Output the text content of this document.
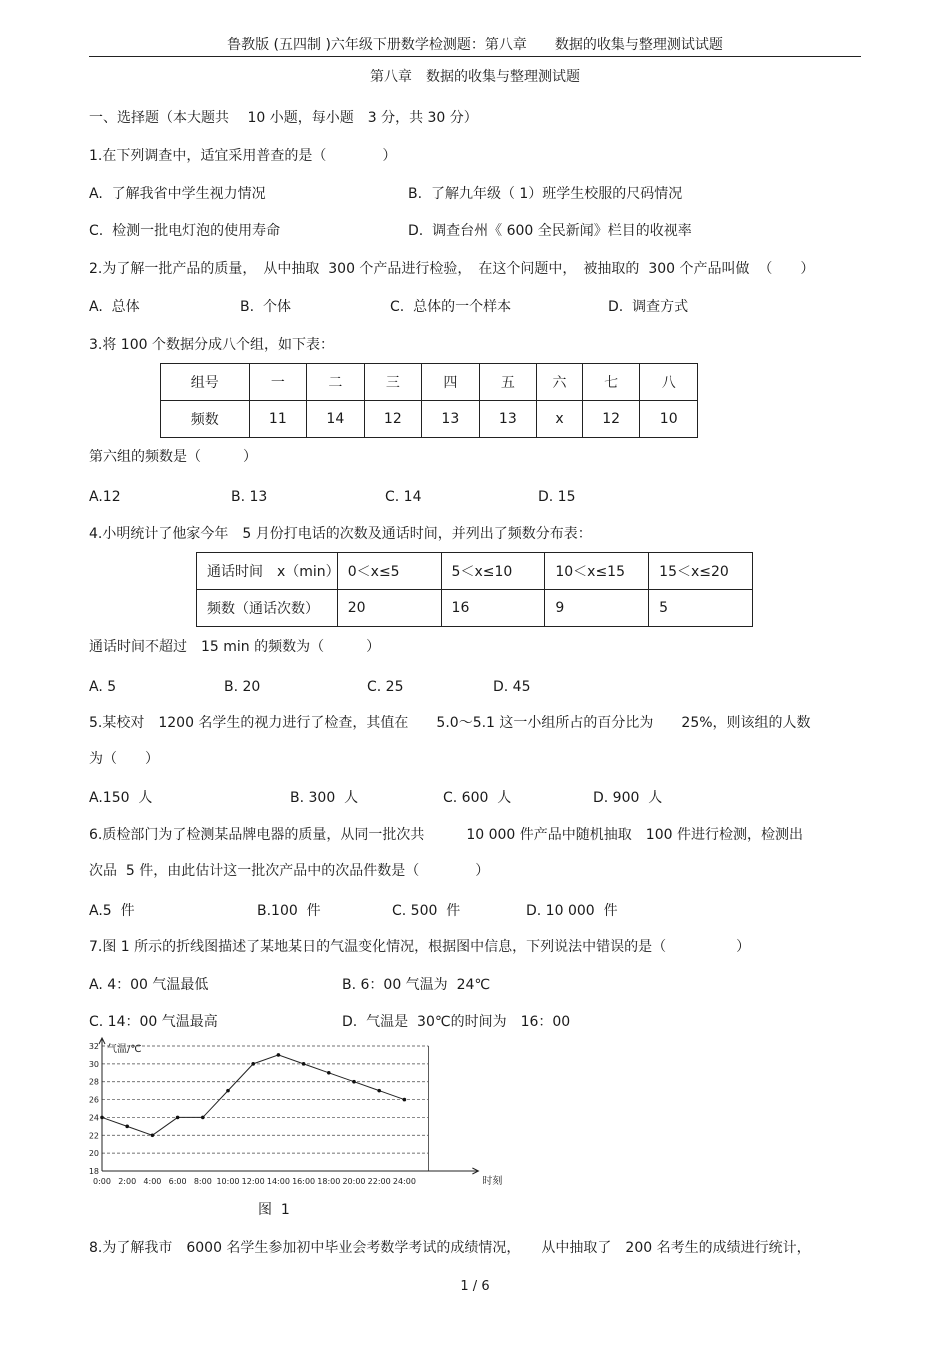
鲁教版 (五四制 )六年级下册数学检测题：第八章　　数据的收集与整理测试试题
第八章　数据的收集与整理测试题
一、选择题（本大题共　 10 小题，每小题　3 分，共 30 分）
1.在下列调查中，适宜采用普查的是（　　　　）
A.  了解我省中学生视力情况	B.  了解九年级（ 1）班学生校服的尺码情况
C.  检测一批电灯泡的使用寿命	D.  调查台州《 600 全民新闻》栏目的收视率
2.为了解一批产品的质量，　从中抽取  300 个产品进行检验，　在这个问题中，　被抽取的  300 个产品叫做  （　　）
A.  总体	B.  个体	C.  总体的一个样本	D.  调查方式
3.将 100 个数据分成八个组，如下表：
组号	一	二	三	四	五	六	七	八
频数	11	14	12	13	13	x	12	10
第六组的频数是（　　　）
A.12	B. 13	C. 14	D. 15
4.小明统计了他家今年　5 月份打电话的次数及通话时间，并列出了频数分布表：
通话时间　x（min）	0＜x≤5	5＜x≤10	10＜x≤15	15＜x≤20
频数（通话次数）	20	16	9	5
通话时间不超过　15 min 的频数为（　　　）
A. 5	B. 20	C. 25	D. 45
5.某校对　1200 名学生的视力进行了检查，其值在　　5.0～5.1 这一小组所占的百分比为　　25%，则该组的人数
为（　　）
A.150  人	B. 300  人	C. 600  人	D. 900  人
6.质检部门为了检测某品牌电器的质量，从同一批次共　　　10 000 件产品中随机抽取　100 件进行检测，检测出
次品  5 件，由此估计这一批次产品中的次品件数是（　　　　）
A.5  件	B.100  件	C. 500  件	D. 10 000  件
7.图 1 所示的折线图描述了某地某日的气温变化情况，根据图中信息，下列说法中错误的是（　　　　　）
A. 4：00 气温最低	B. 6：00 气温为  24℃
C. 14：00 气温最高	D.  气温是  30℃的时间为　16：00
气温/℃
时刻
18
20
22
24
26
28
30
32
0:00 2:00 4:00 6:00 8:00 10:00 12:00 14:00 16:00 18:00 20:00 22:00 24:00
图  1
8.为了解我市　6000 名学生参加初中毕业会考数学考试的成绩情况，　　从中抽取了　200 名考生的成绩进行统计，
1 / 6
